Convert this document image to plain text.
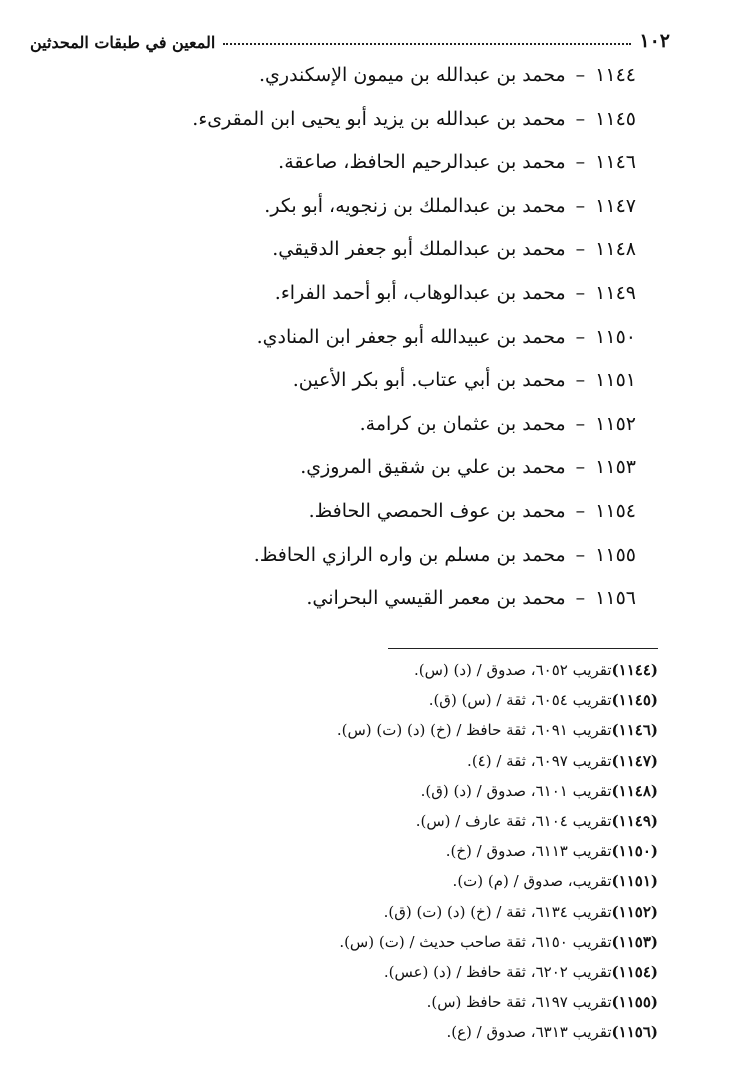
١٠٢
المعين في طبقات المحدثين
١١٤٤
–
محمد بن عبدالله بن ميمون الإسكندري.
١١٤٥
–
محمد بن عبدالله بن يزيد أبو يحيى ابن المقرىء.
١١٤٦
–
محمد بن عبدالرحيم الحافظ، صاعقة.
١١٤٧
–
محمد بن عبدالملك بن زنجويه، أبو بكر.
١١٤٨
–
محمد بن عبدالملك أبو جعفر الدقيقي.
١١٤٩
–
محمد بن عبدالوهاب، أبو أحمد الفراء.
١١٥٠
–
محمد بن عبيدالله أبو جعفر ابن المنادي.
١١٥١
–
محمد بن أبي عتاب. أبو بكر الأعين.
١١٥٢
–
محمد بن عثمان بن كرامة.
١١٥٣
–
محمد بن علي بن شقيق المروزي.
١١٥٤
–
محمد بن عوف الحمصي الحافظ.
١١٥٥
–
محمد بن مسلم بن واره الرازي الحافظ.
١١٥٦
–
محمد بن معمر القيسي البحراني.
(١١٤٤)تقريب ٦٠٥٢، صدوق / (د) (س).
(١١٤٥)تقريب ٦٠٥٤، ثقة / (س) (ق).
(١١٤٦)تقريب ٦٠٩١، ثقة حافظ / (خ) (د) (ت) (س).
(١١٤٧)تقريب ٦٠٩٧، ثقة / (٤).
(١١٤٨)تقريب ٦١٠١، صدوق / (د) (ق).
(١١٤٩)تقريب ٦١٠٤، ثقة عارف / (س).
(١١٥٠)تقريب ٦١١٣، صدوق / (خ).
(١١٥١)تقريب، صدوق / (م) (ت).
(١١٥٢)تقريب ٦١٣٤، ثقة / (خ) (د) (ت) (ق).
(١١٥٣)تقريب ٦١٥٠، ثقة صاحب حديث / (ت) (س).
(١١٥٤)تقريب ٦٢٠٢، ثقة حافظ / (د) (عس).
(١١٥٥)تقريب ٦١٩٧، ثقة حافظ (س).
(١١٥٦)تقريب ٦٣١٣، صدوق / (ع).
